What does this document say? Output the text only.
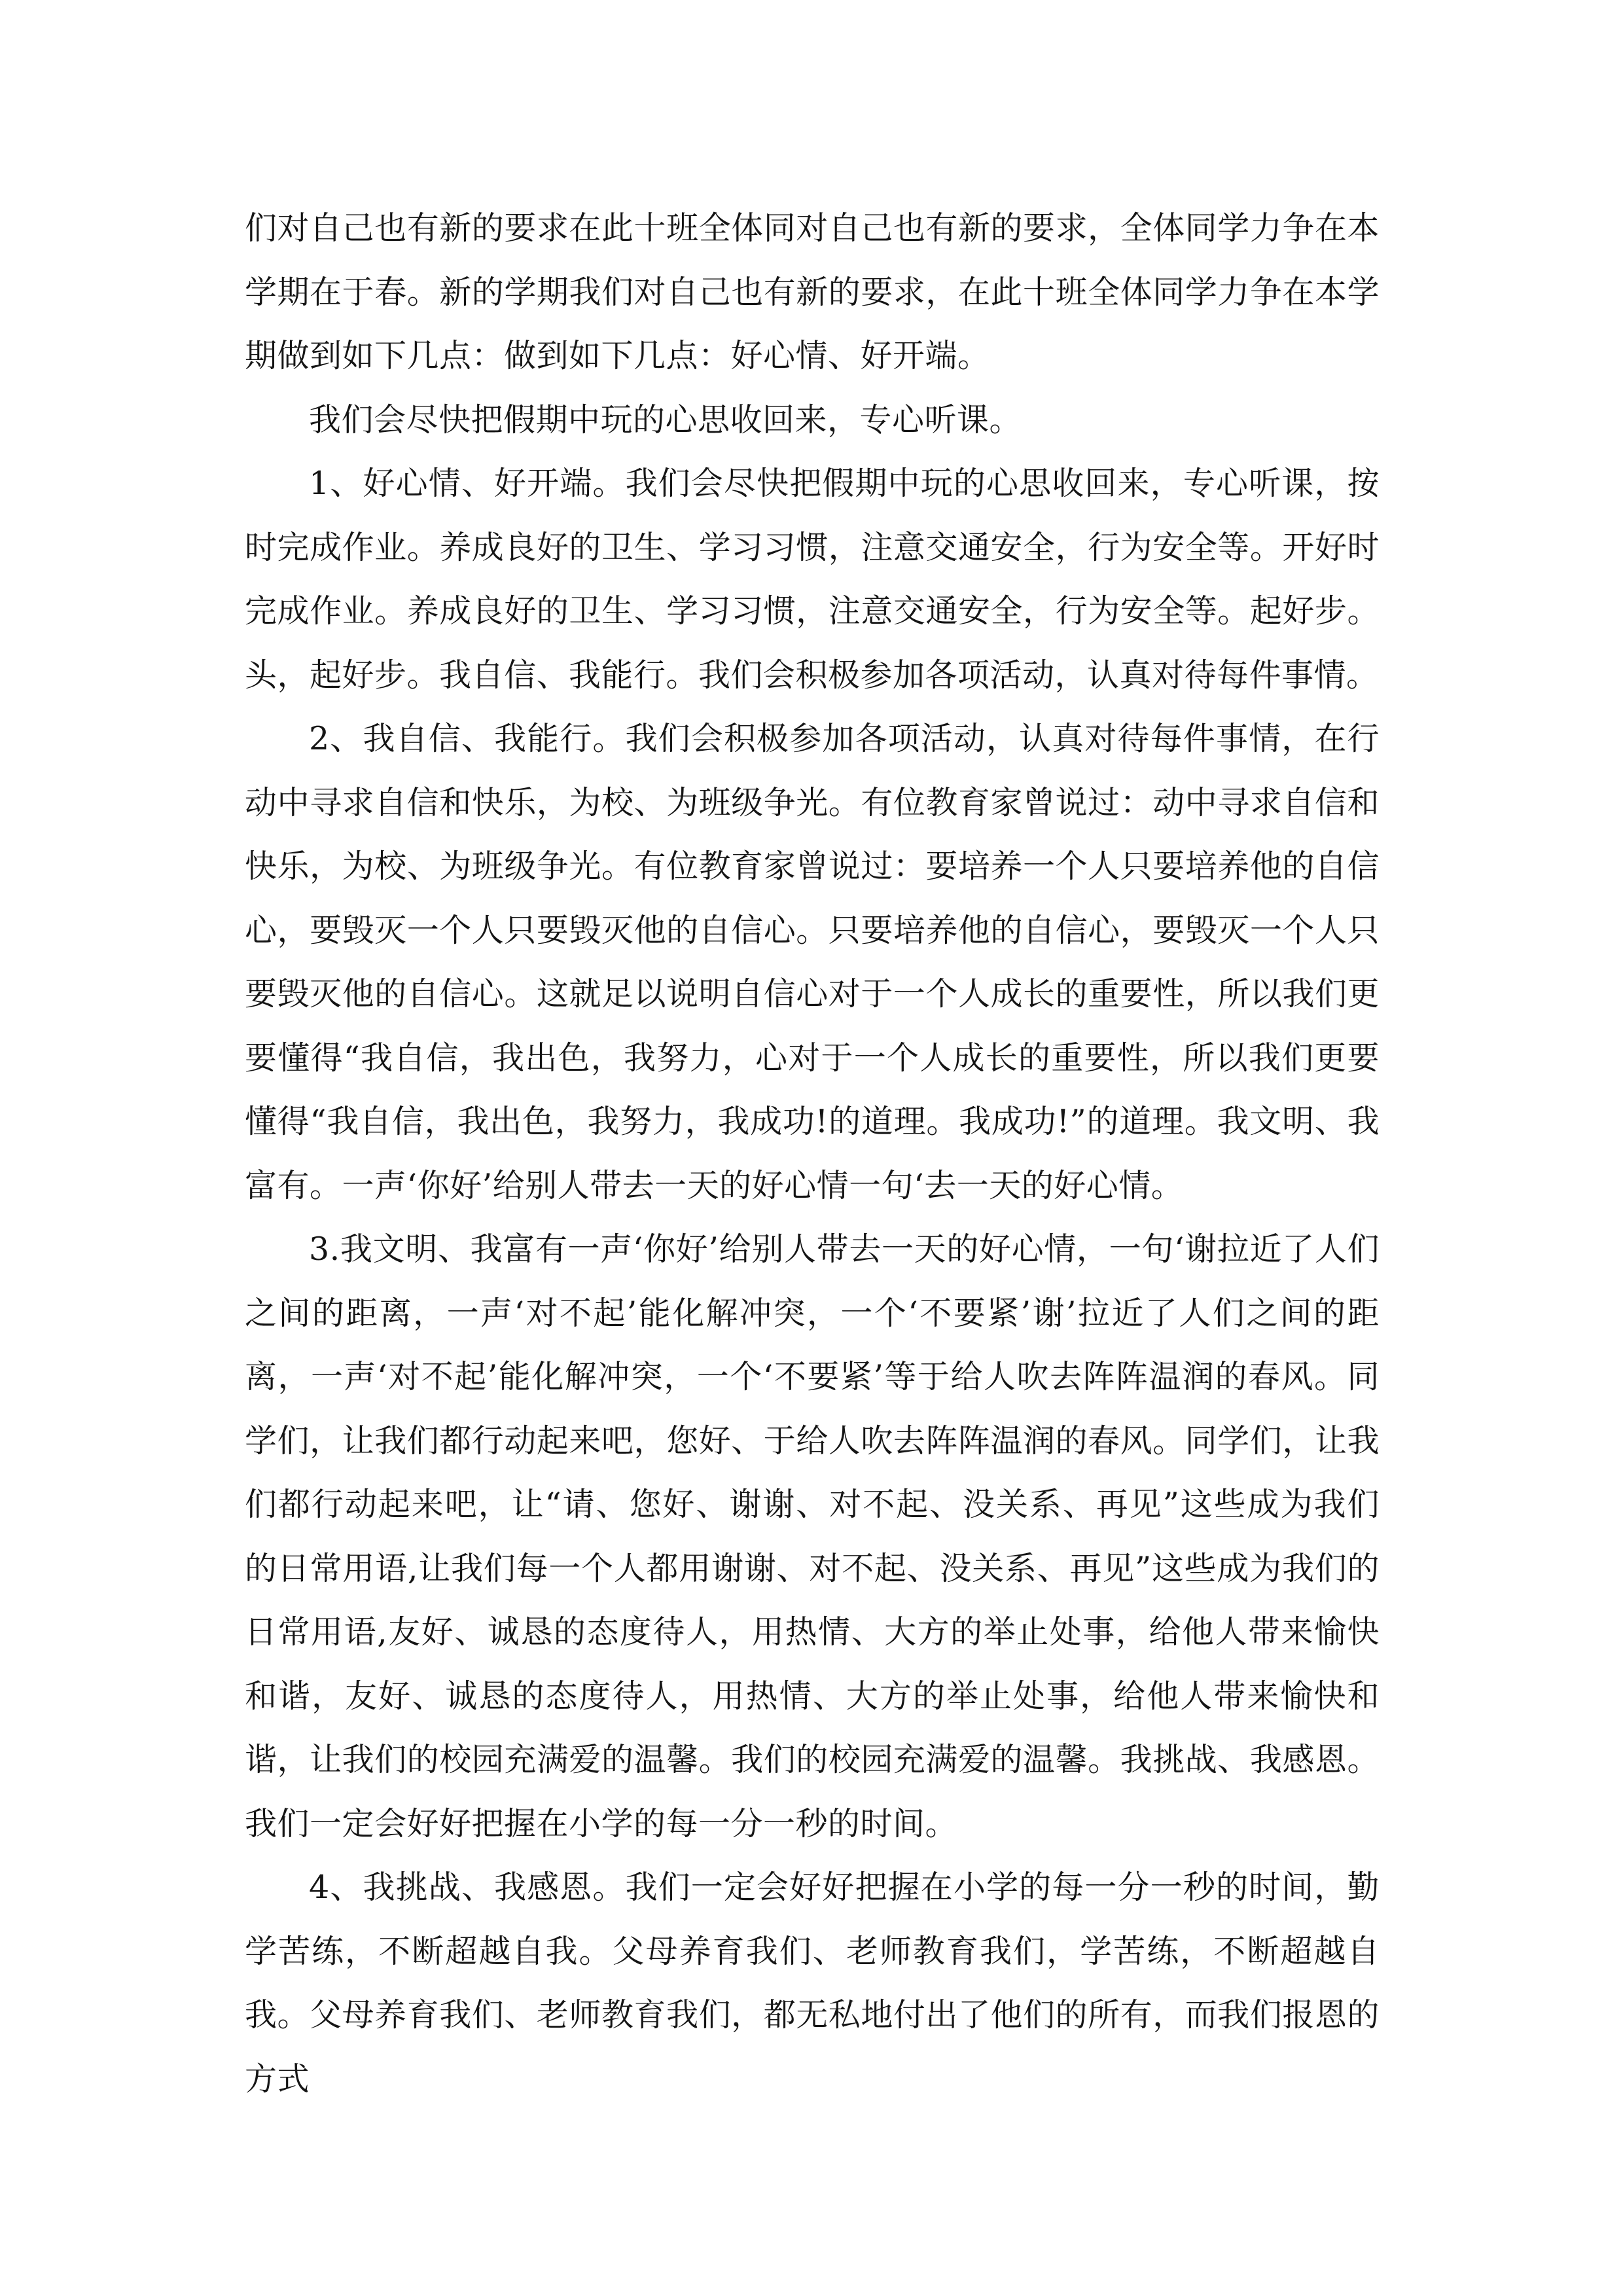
们对自己也有新的要求在此十班全体同对自己也有新的要求，全体同学力争在本学期在于春。新的学期我们对自己也有新的要求，在此十班全体同学力争在本学期做到如下几点：做到如下几点：好心情、好开端。

我们会尽快把假期中玩的心思收回来，专心听课。

1、好心情、好开端。我们会尽快把假期中玩的心思收回来，专心听课，按时完成作业。养成良好的卫生、学习习惯，注意交通安全，行为安全等。开好时完成作业。养成良好的卫生、学习习惯，注意交通安全，行为安全等。起好步。头，起好步。我自信、我能行。我们会积极参加各项活动，认真对待每件事情。

2、我自信、我能行。我们会积极参加各项活动，认真对待每件事情，在行动中寻求自信和快乐，为校、为班级争光。有位教育家曾说过：动中寻求自信和快乐，为校、为班级争光。有位教育家曾说过：要培养一个人只要培养他的自信心，要毁灭一个人只要毁灭他的自信心。只要培养他的自信心，要毁灭一个人只要毁灭他的自信心。这就足以说明自信心对于一个人成长的重要性，所以我们更要懂得“我自信，我出色，我努力，心对于一个人成长的重要性，所以我们更要懂得“我自信，我出色，我努力，我成功!的道理。我成功!”的道理。我文明、我富有。一声‘你好’给别人带去一天的好心情一句‘去一天的好心情。

3.我文明、我富有一声‘你好’给别人带去一天的好心情，一句‘谢拉近了人们之间的距离，一声‘对不起’能化解冲突，一个‘不要紧’谢’拉近了人们之间的距离，一声‘对不起’能化解冲突，一个‘不要紧’等于给人吹去阵阵温润的春风。同学们，让我们都行动起来吧，您好、于给人吹去阵阵温润的春风。同学们，让我们都行动起来吧，让“请、您好、谢谢、对不起、没关系、再见”这些成为我们的日常用语,让我们每一个人都用谢谢、对不起、没关系、再见”这些成为我们的日常用语,友好、诚恳的态度待人，用热情、大方的举止处事，给他人带来愉快和谐，友好、诚恳的态度待人，用热情、大方的举止处事，给他人带来愉快和谐，让我们的校园充满爱的温馨。我们的校园充满爱的温馨。我挑战、我感恩。我们一定会好好把握在小学的每一分一秒的时间。

4、我挑战、我感恩。我们一定会好好把握在小学的每一分一秒的时间，勤学苦练，不断超越自我。父母养育我们、老师教育我们，学苦练，不断超越自我。父母养育我们、老师教育我们，都无私地付出了他们的所有，而我们报恩的方式
